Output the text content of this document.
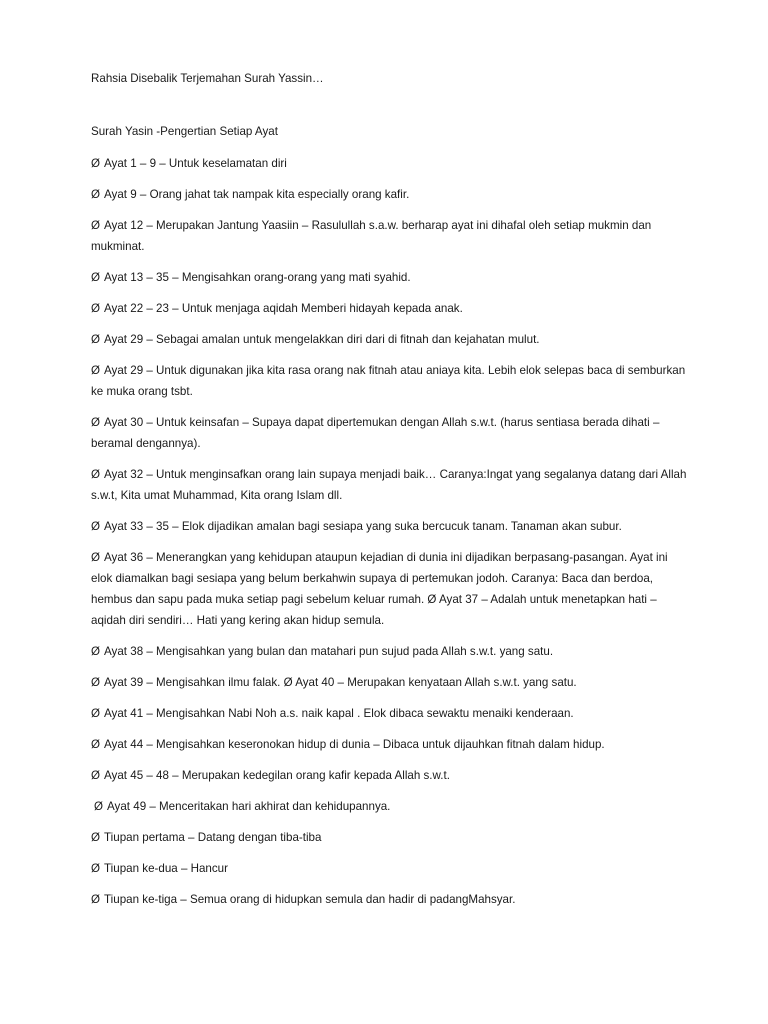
Rahsia Disebalik Terjemahan Surah Yassin…

Surah Yasin -Pengertian Setiap Ayat

Ø Ayat 1 – 9 – Untuk keselamatan diri

Ø Ayat 9 – Orang jahat tak nampak kita especially orang kafir.

Ø Ayat 12 – Merupakan Jantung Yaasiin – Rasulullah s.a.w. berharap ayat ini dihafal oleh setiap mukmin dan mukminat.

Ø Ayat 13 – 35 – Mengisahkan orang-orang yang mati syahid.

Ø Ayat 22 – 23 – Untuk menjaga aqidah Memberi hidayah kepada anak.

Ø Ayat 29 – Sebagai amalan untuk mengelakkan diri dari di fitnah dan kejahatan mulut.

Ø Ayat 29 – Untuk digunakan jika kita rasa orang nak fitnah atau aniaya kita. Lebih elok selepas baca di semburkan ke muka orang tsbt.

Ø Ayat 30 – Untuk keinsafan – Supaya dapat dipertemukan dengan Allah s.w.t. (harus sentiasa berada dihati – beramal dengannya).

Ø Ayat 32 – Untuk menginsafkan orang lain supaya menjadi baik… Caranya:Ingat yang segalanya datang dari Allah s.w.t, Kita umat Muhammad, Kita orang Islam dll.

Ø Ayat 33 – 35 – Elok dijadikan amalan bagi sesiapa yang suka bercucuk tanam. Tanaman akan subur.

Ø Ayat 36 – Menerangkan yang kehidupan ataupun kejadian di dunia ini dijadikan berpasang-pasangan. Ayat ini elok diamalkan bagi sesiapa yang belum berkahwin supaya di pertemukan jodoh. Caranya: Baca dan berdoa, hembus dan sapu pada muka setiap pagi sebelum keluar rumah. Ø Ayat 37 – Adalah untuk menetapkan hati – aqidah diri sendiri… Hati yang kering akan hidup semula.

Ø Ayat 38 – Mengisahkan yang bulan dan matahari pun sujud pada Allah s.w.t. yang satu.

Ø Ayat 39 – Mengisahkan ilmu falak. Ø Ayat 40 – Merupakan kenyataan Allah s.w.t. yang satu.

Ø Ayat 41 – Mengisahkan Nabi Noh a.s. naik kapal . Elok dibaca sewaktu menaiki kenderaan.

Ø Ayat 44 – Mengisahkan keseronokan hidup di dunia – Dibaca untuk dijauhkan fitnah dalam hidup.

Ø Ayat 45 – 48 – Merupakan kedegilan orang kafir kepada Allah s.w.t.

Ø Ayat 49 – Menceritakan hari akhirat dan kehidupannya.

Ø Tiupan pertama – Datang dengan tiba-tiba

Ø Tiupan ke-dua – Hancur

Ø Tiupan ke-tiga – Semua orang di hidupkan semula dan hadir di padangMahsyar.
